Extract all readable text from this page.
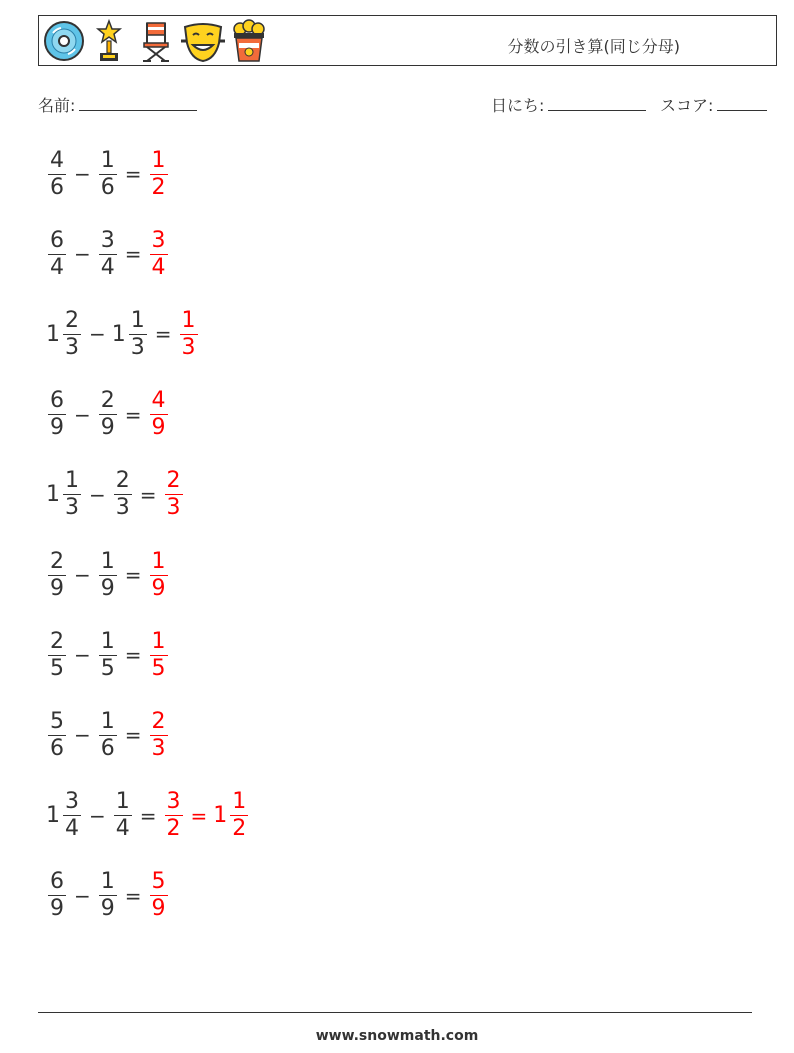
分数の引き算(同じ分母)
名前:	日にち:	スコア:
$\frac{4}{6} - \frac{1}{6} = \frac{1}{2}$
$\frac{6}{4} - \frac{3}{4} = \frac{3}{4}$
$1 \frac{2}{3} - 1 \frac{1}{3} = \frac{1}{3}$
$\frac{6}{9} - \frac{2}{9} = \frac{4}{9}$
$1 \frac{1}{3} - \frac{2}{3} = \frac{2}{3}$
$\frac{2}{9} - \frac{1}{9} = \frac{1}{9}$
$\frac{2}{5} - \frac{1}{5} = \frac{1}{5}$
$\frac{5}{6} - \frac{1}{6} = \frac{2}{3}$
$1 \frac{3}{4} - \frac{1}{4} = \frac{3}{2} = 1 \frac{1}{2}$
$\frac{6}{9} - \frac{1}{9} = \frac{5}{9}$
www.snowmath.com
